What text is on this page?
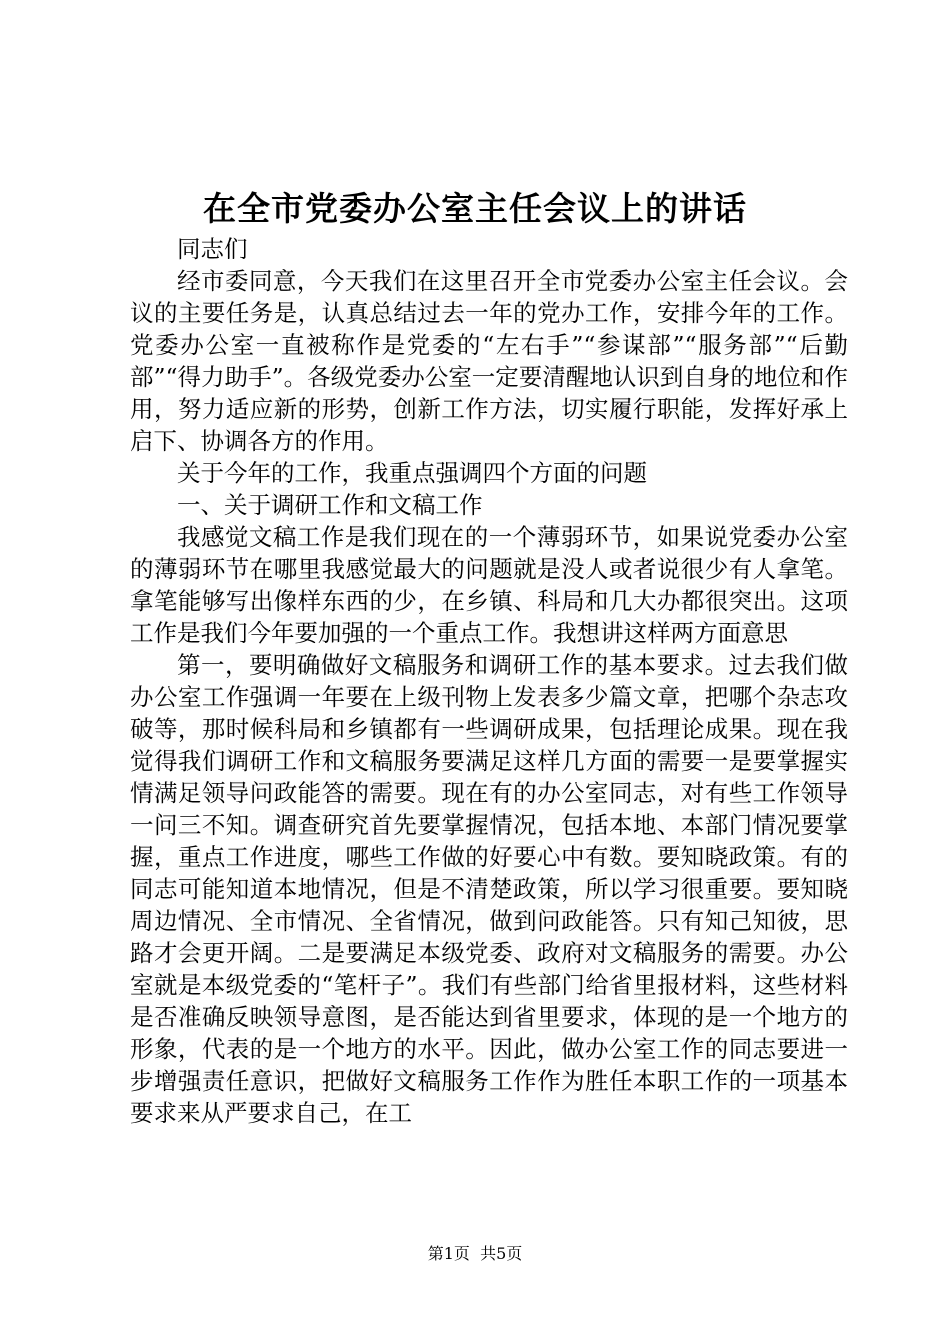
在全市党委办公室主任会议上的讲话

同志们

经市委同意，今天我们在这里召开全市党委办公室主任会议。会议的主要任务是，认真总结过去一年的党办工作，安排今年的工作。党委办公室一直被称作是党委的“左右手”“参谋部”“服务部”“后勤部”“得力助手”。各级党委办公室一定要清醒地认识到自身的地位和作用，努力适应新的形势，创新工作方法，切实履行职能，发挥好承上启下、协调各方的作用。

关于今年的工作，我重点强调四个方面的问题

一、关于调研工作和文稿工作

我感觉文稿工作是我们现在的一个薄弱环节，如果说党委办公室的薄弱环节在哪里我感觉最大的问题就是没人或者说很少有人拿笔。拿笔能够写出像样东西的少，在乡镇、科局和几大办都很突出。这项工作是我们今年要加强的一个重点工作。我想讲这样两方面意思

第一，要明确做好文稿服务和调研工作的基本要求。过去我们做办公室工作强调一年要在上级刊物上发表多少篇文章，把哪个杂志攻破等，那时候科局和乡镇都有一些调研成果，包括理论成果。现在我觉得我们调研工作和文稿服务要满足这样几方面的需要一是要掌握实情满足领导问政能答的需要。现在有的办公室同志，对有些工作领导一问三不知。调查研究首先要掌握情况，包括本地、本部门情况要掌握，重点工作进度，哪些工作做的好要心中有数。要知晓政策。有的同志可能知道本地情况，但是不清楚政策，所以学习很重要。要知晓周边情况、全市情况、全省情况，做到问政能答。只有知己知彼，思路才会更开阔。二是要满足本级党委、政府对文稿服务的需要。办公室就是本级党委的“笔杆子”。我们有些部门给省里报材料，这些材料是否准确反映领导意图，是否能达到省里要求，体现的是一个地方的形象，代表的是一个地方的水平。因此，做办公室工作的同志要进一步增强责任意识，把做好文稿服务工作作为胜任本职工作的一项基本要求来从严要求自己，在工

第1页 共5页
